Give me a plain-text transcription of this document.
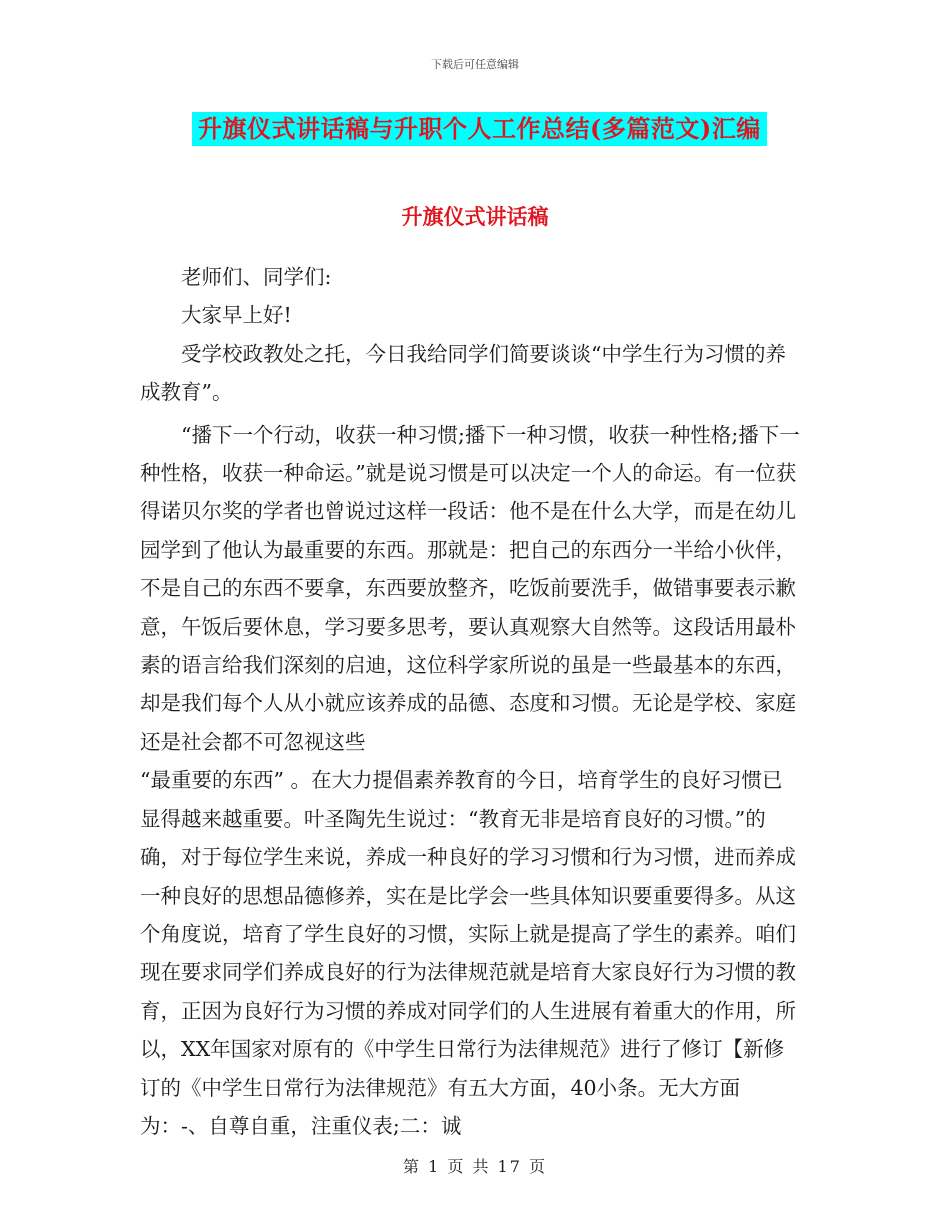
下载后可任意编辑
升旗仪式讲话稿与升职个人工作总结(多篇范文)汇编
升旗仪式讲话稿

老师们、同学们:

大家早上好!

受学校政教处之托，今日我给同学们简要谈谈“中学生行为习惯的养成教育”。

“播下一个行动，收获一种习惯;播下一种习惯，收获一种性格;播下一种性格，收获一种命运。”就是说习惯是可以决定一个人的命运。有一位获得诺贝尔奖的学者也曾说过这样一段话：他不是在什么大学，而是在幼儿园学到了他认为最重要的东西。那就是：把自己的东西分一半给小伙伴，不是自己的东西不要拿，东西要放整齐，吃饭前要洗手，做错事要表示歉意，午饭后要休息，学习要多思考，要认真观察大自然等。这段话用最朴素的语言给我们深刻的启迪，这位科学家所说的虽是一些最基本的东西，却是我们每个人从小就应该养成的品德、态度和习惯。无论是学校、家庭还是社会都不可忽视这些

“最重要的东西” 。在大力提倡素养教育的今日，培育学生的良好习惯已显得越来越重要。叶圣陶先生说过：“教育无非是培育良好的习惯。”的确，对于每位学生来说，养成一种良好的学习习惯和行为习惯，进而养成一种良好的思想品德修养，实在是比学会一些具体知识要重要得多。从这个角度说，培育了学生良好的习惯，实际上就是提高了学生的素养。咱们现在要求同学们养成良好的行为法律规范就是培育大家良好行为习惯的教育，正因为良好行为习惯的养成对同学们的人生进展有着重大的作用，所以，XX年国家对原有的《中学生日常行为法律规范》进行了修订【新修订的《中学生日常行为法律规范》有五大方面，40小条。无大方面为：-、自尊自重，注重仪表;二：诚

第 1 页 共 17 页
